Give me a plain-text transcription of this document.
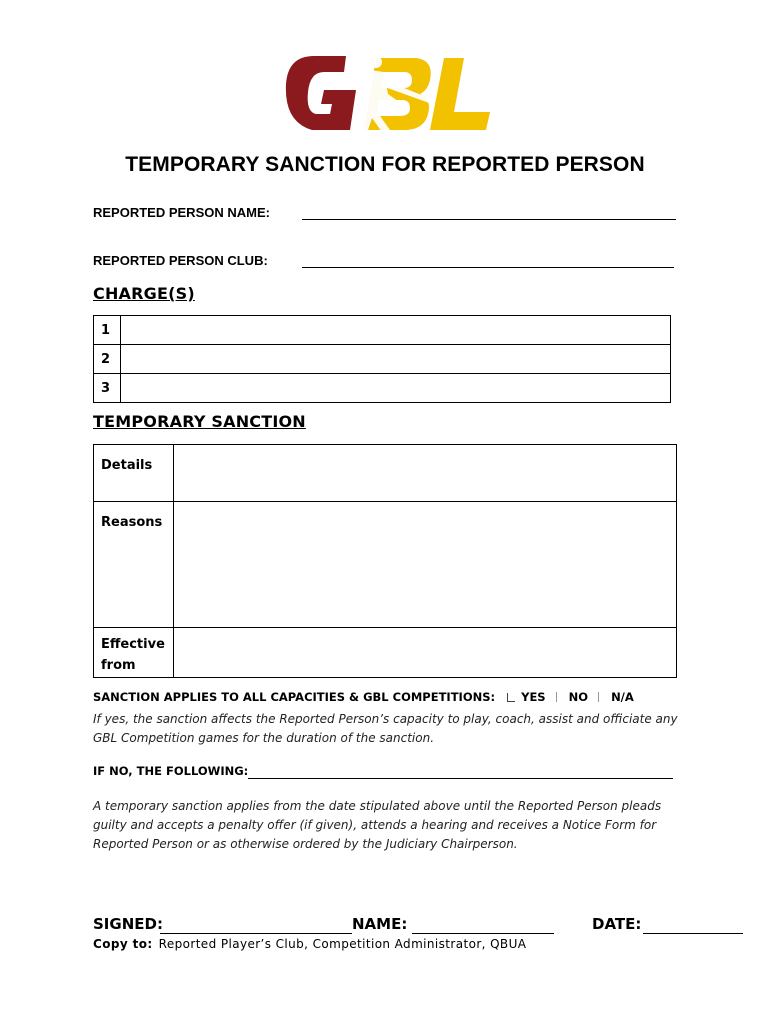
TEMPORARY SANCTION FOR REPORTED PERSON
REPORTED PERSON NAME:
REPORTED PERSON CLUB:
CHARGE(S)
1	
2	
3	
TEMPORARY SANCTION
Details	
Reasons	
Effective from	
SANCTION APPLIES TO ALL CAPACITIES & GBL COMPETITIONS: YES NO N/A
If yes, the sanction affects the Reported Person’s capacity to play, coach, assist and officiate any GBL Competition games for the duration of the sanction.
IF NO, THE FOLLOWING:
A temporary sanction applies from the date stipulated above until the Reported Person pleads guilty and accepts a penalty offer (if given), attends a hearing and receives a Notice Form for Reported Person or as otherwise ordered by the Judiciary Chairperson.
SIGNED:	NAME:	DATE:
Copy to: Reported Player’s Club, Competition Administrator, QBUA
